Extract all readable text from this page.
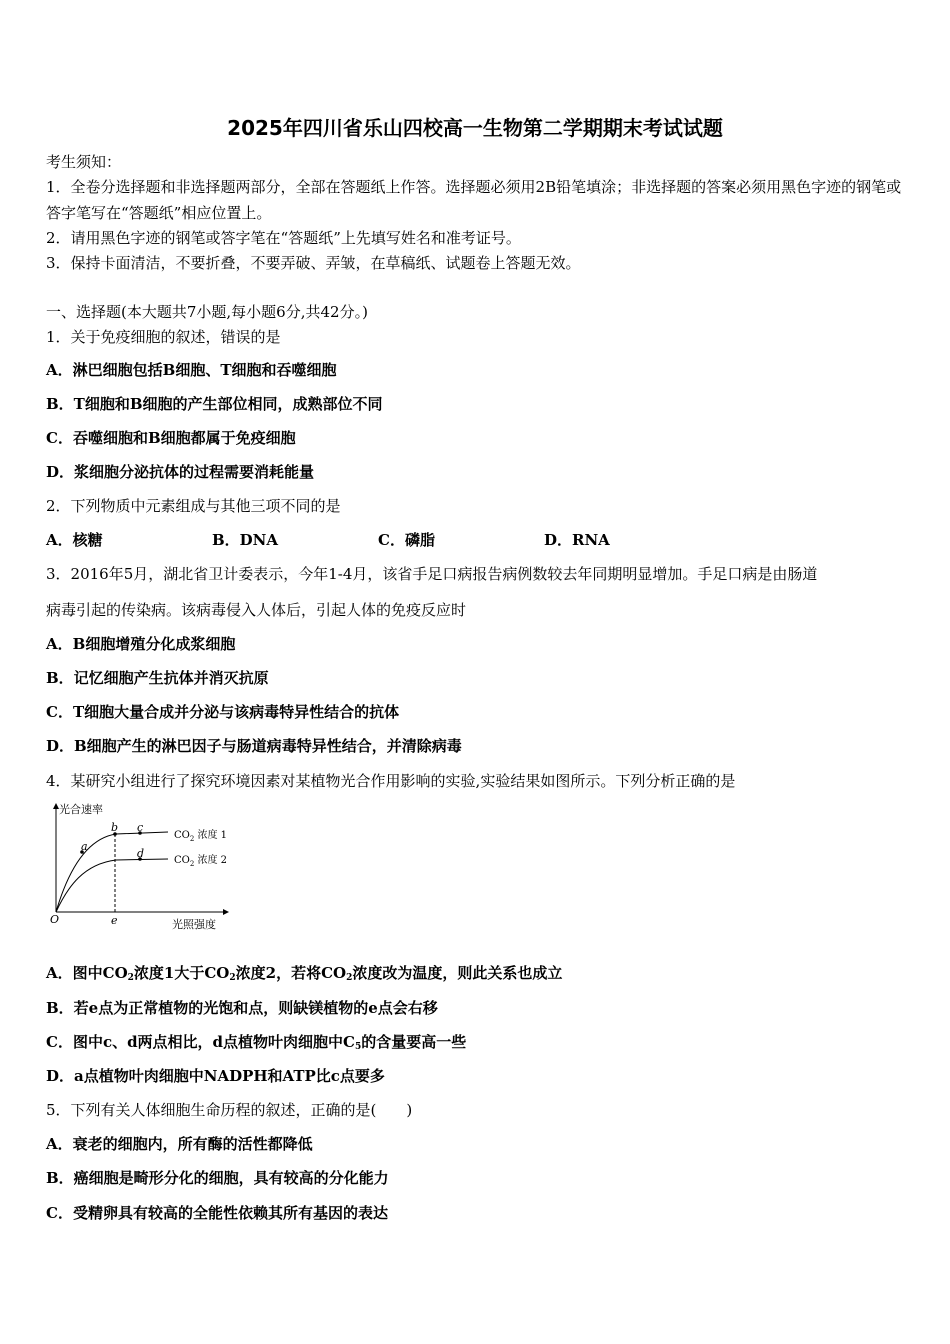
2025年四川省乐山四校高一生物第二学期期末考试试题
考生须知：
1．全卷分选择题和非选择题两部分，全部在答题纸上作答。选择题必须用2B铅笔填涂；非选择题的答案必须用黑色字迹的钢笔或答字笔写在“答题纸”相应位置上。
2．请用黑色字迹的钢笔或答字笔在“答题纸”上先填写姓名和准考证号。
3．保持卡面清洁，不要折叠，不要弄破、弄皱，在草稿纸、试题卷上答题无效。
一、选择题(本大题共7小题,每小题6分,共42分。)
1．关于免疫细胞的叙述，错误的是
A．淋巴细胞包括B细胞、T细胞和吞噬细胞
B．T细胞和B细胞的产生部位相同，成熟部位不同
C．吞噬细胞和B细胞都属于免疫细胞
D．浆细胞分泌抗体的过程需要消耗能量
2．下列物质中元素组成与其他三项不同的是
A．核糖	B．DNA	C．磷脂	D．RNA
3．2016年5月，湖北省卫计委表示，今年1-4月，该省手足口病报告病例数较去年同期明显增加。手足口病是由肠道
病毒引起的传染病。该病毒侵入人体后，引起人体的免疫反应时
A．B细胞增殖分化成浆细胞
B．记忆细胞产生抗体并消灭抗原
C．T细胞大量合成并分泌与该病毒特异性结合的抗体
D．B细胞产生的淋巴因子与肠道病毒特异性结合，并清除病毒
4．某研究小组进行了探究环境因素对某植物光合作用影响的实验,实验结果如图所示。下列分析正确的是
光合速率
光照强度
O	e
a
b c
d
$CO_2$ 浓度 1
$CO_2$ 浓度 2
A．图中$CO_2$浓度1大于$CO_2$浓度2，若将$CO_2$浓度改为温度，则此关系也成立
B．若e点为正常植物的光饱和点，则缺镁植物的e点会右移
C．图中c、d两点相比，d点植物叶肉细胞中$C_5$的含量要高一些
D．a点植物叶肉细胞中NADPH和ATP比c点要多
5．下列有关人体细胞生命历程的叙述，正确的是(　　)
A．衰老的细胞内，所有酶的活性都降低
B．癌细胞是畸形分化的细胞，具有较高的分化能力
C．受精卵具有较高的全能性依赖其所有基因的表达
